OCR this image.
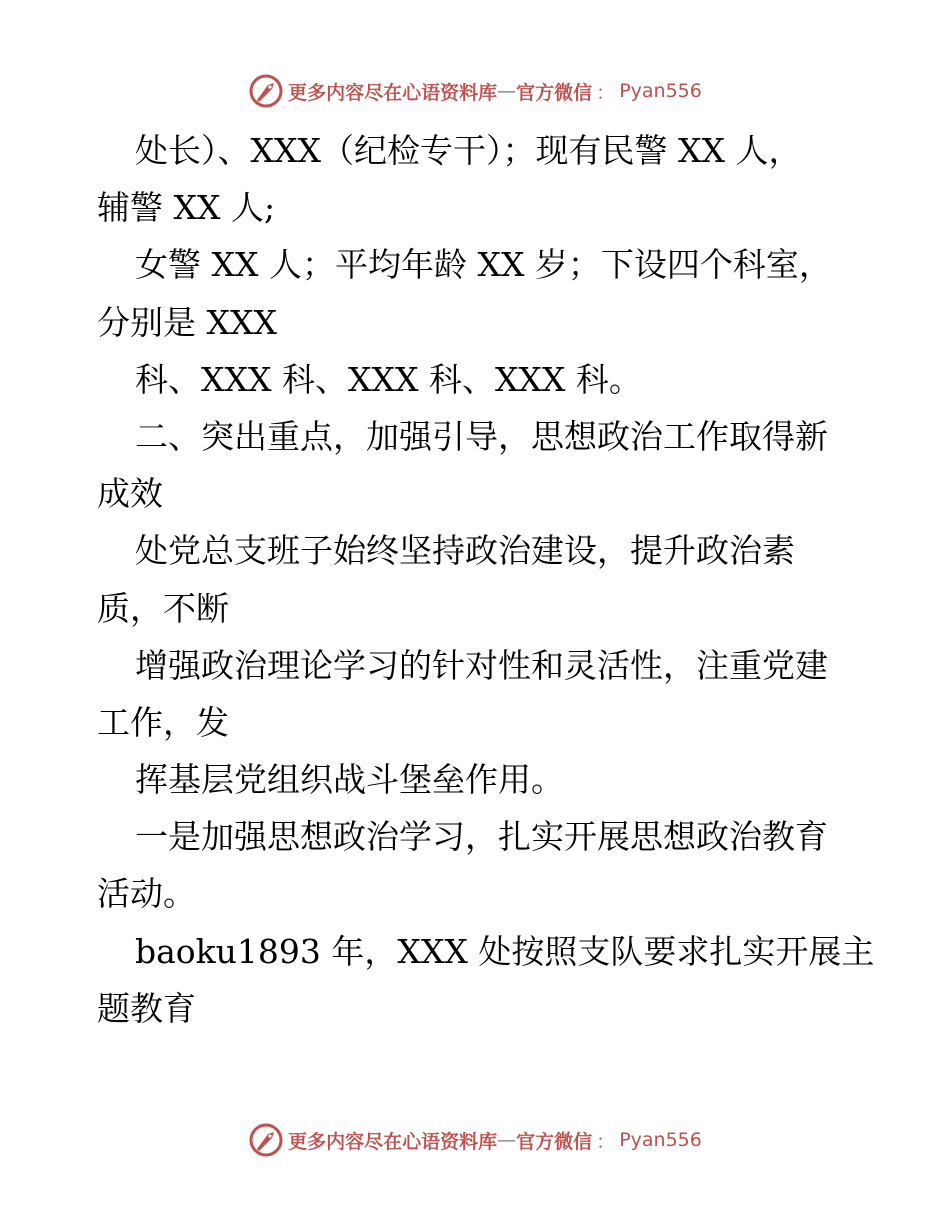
更多内容尽在心语资料库 — 官方微信 ： Pyan556
处长）、XXX（纪检专干）；现有民警 XX 人，
辅警 XX 人;
女警 XX 人；平均年龄 XX 岁；下设四个科室，
分别是 XXX
科、XXX 科、XXX 科、XXX 科。
二、突出重点，加强引导，思想政治工作取得新
成效
处党总支班子始终坚持政治建设，提升政治素
质，不断
增强政治理论学习的针对性和灵活性，注重党建
工作，发
挥基层党组织战斗堡垒作用。
一是加强思想政治学习，扎实开展思想政治教育
活动。
baoku1893 年，XXX 处按照支队要求扎实开展主
题教育
更多内容尽在心语资料库 — 官方微信 ： Pyan556
